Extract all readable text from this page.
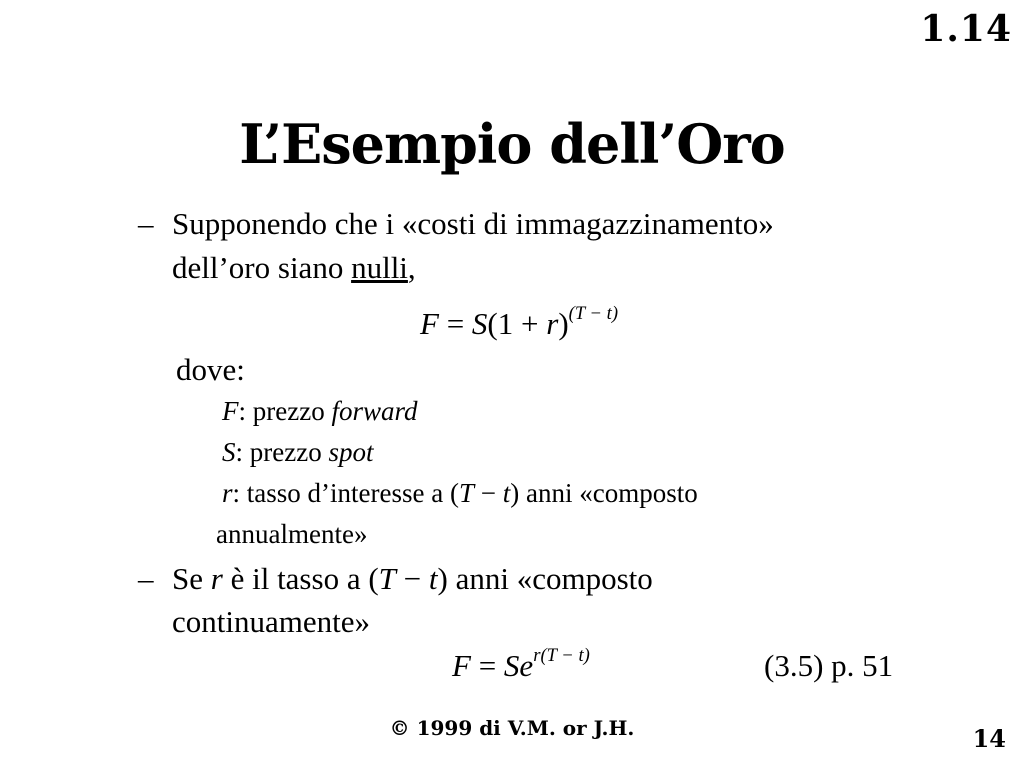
1.14
L’Esempio dell’Oro
– Supponendo che i «costi di immagazzinamento»
dell’oro siano nulli,
$F = S(1 + r)^{(T - t)}$
dove:
F: prezzo forward
S: prezzo spot
r: tasso d’interesse a (T − t) anni «composto
annualmente»
– Se r è il tasso a (T − t) anni «composto
continuamente»
$F = Se^{r(T - t)}$	(3.5) p. 51
© 1999 di V.M. or J.H.	14
